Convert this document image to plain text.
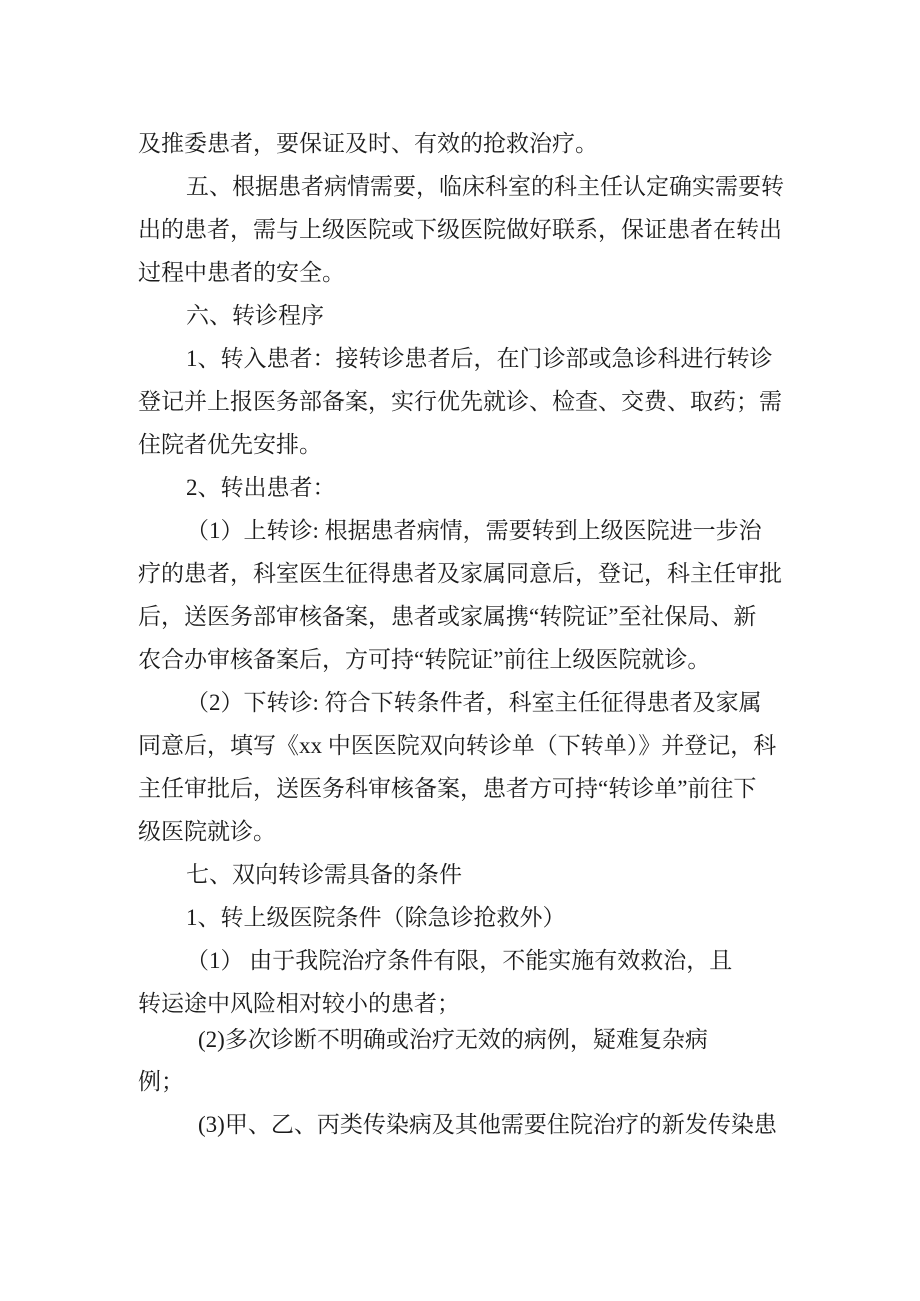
及推委患者，要保证及时、有效的抢救治疗。
五、根据患者病情需要，临床科室的科主任认定确实需要转
出的患者，需与上级医院或下级医院做好联系，保证患者在转出
过程中患者的安全。
六、转诊程序
1、转入患者：接转诊患者后，在门诊部或急诊科进行转诊
登记并上报医务部备案，实行优先就诊、检查、交费、取药；需
住院者优先安排。
2、转出患者：
（1）上转诊: 根据患者病情，需要转到上级医院进一步治
疗的患者，科室医生征得患者及家属同意后，登记，科主任审批
后，送医务部审核备案，患者或家属携“转院证”至社保局、新
农合办审核备案后，方可持“转院证”前往上级医院就诊。
（2）下转诊: 符合下转条件者，科室主任征得患者及家属
同意后，填写《xx 中医医院双向转诊单（下转单）》并登记，科
主任审批后，送医务科审核备案，患者方可持“转诊单”前往下
级医院就诊。
七、双向转诊需具备的条件
1、转上级医院条件（除急诊抢救外）
（1） 由于我院治疗条件有限，不能实施有效救治，且
转运途中风险相对较小的患者；
(2)多次诊断不明确或治疗无效的病例，疑难复杂病
例；
(3)甲、乙、丙类传染病及其他需要住院治疗的新发传染患
